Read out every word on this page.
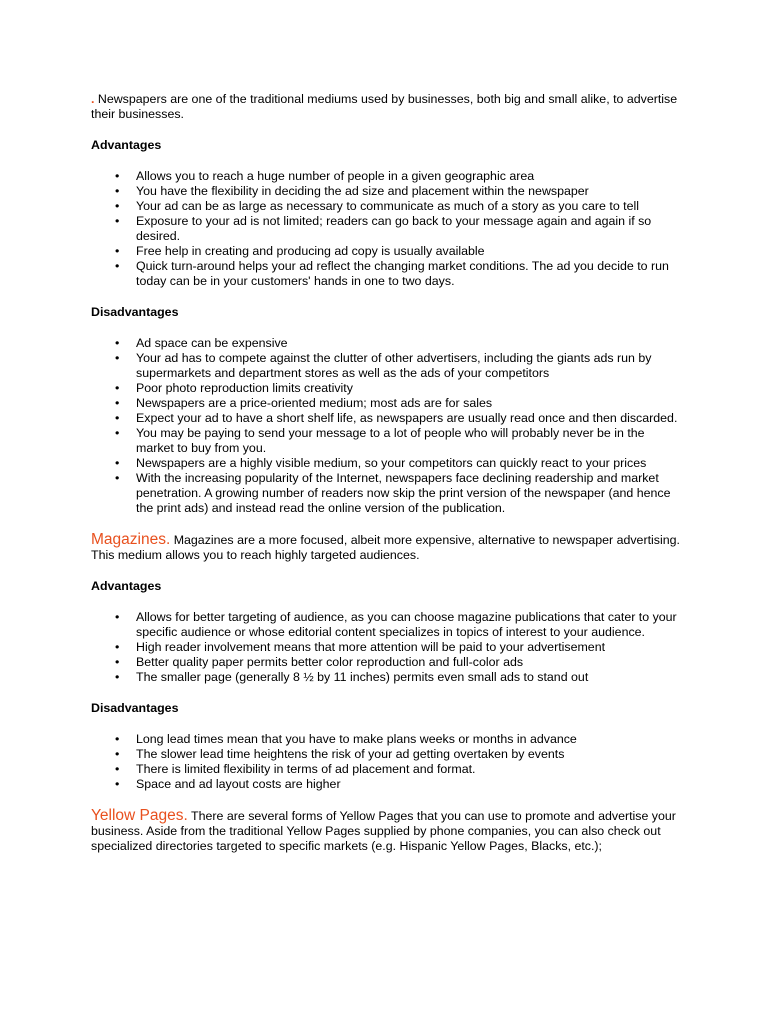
. Newspapers are one of the traditional mediums used by businesses, both big and small alike, to advertise their businesses.

Advantages

• Allows you to reach a huge number of people in a given geographic area
• You have the flexibility in deciding the ad size and placement within the newspaper
• Your ad can be as large as necessary to communicate as much of a story as you care to tell
• Exposure to your ad is not limited; readers can go back to your message again and again if so desired.
• Free help in creating and producing ad copy is usually available
• Quick turn-around helps your ad reflect the changing market conditions. The ad you decide to run today can be in your customers' hands in one to two days.

Disadvantages

• Ad space can be expensive
• Your ad has to compete against the clutter of other advertisers, including the giants ads run by supermarkets and department stores as well as the ads of your competitors
• Poor photo reproduction limits creativity
• Newspapers are a price-oriented medium; most ads are for sales
• Expect your ad to have a short shelf life, as newspapers are usually read once and then discarded.
• You may be paying to send your message to a lot of people who will probably never be in the market to buy from you.
• Newspapers are a highly visible medium, so your competitors can quickly react to your prices
• With the increasing popularity of the Internet, newspapers face declining readership and market penetration. A growing number of readers now skip the print version of the newspaper (and hence the print ads) and instead read the online version of the publication.

Magazines. Magazines are a more focused, albeit more expensive, alternative to newspaper advertising. This medium allows you to reach highly targeted audiences.

Advantages

• Allows for better targeting of audience, as you can choose magazine publications that cater to your specific audience or whose editorial content specializes in topics of interest to your audience.
• High reader involvement means that more attention will be paid to your advertisement
• Better quality paper permits better color reproduction and full-color ads
• The smaller page (generally 8 ½ by 11 inches) permits even small ads to stand out

Disadvantages

• Long lead times mean that you have to make plans weeks or months in advance
• The slower lead time heightens the risk of your ad getting overtaken by events
• There is limited flexibility in terms of ad placement and format.
• Space and ad layout costs are higher

Yellow Pages. There are several forms of Yellow Pages that you can use to promote and advertise your business. Aside from the traditional Yellow Pages supplied by phone companies, you can also check out specialized directories targeted to specific markets (e.g. Hispanic Yellow Pages, Blacks, etc.);
